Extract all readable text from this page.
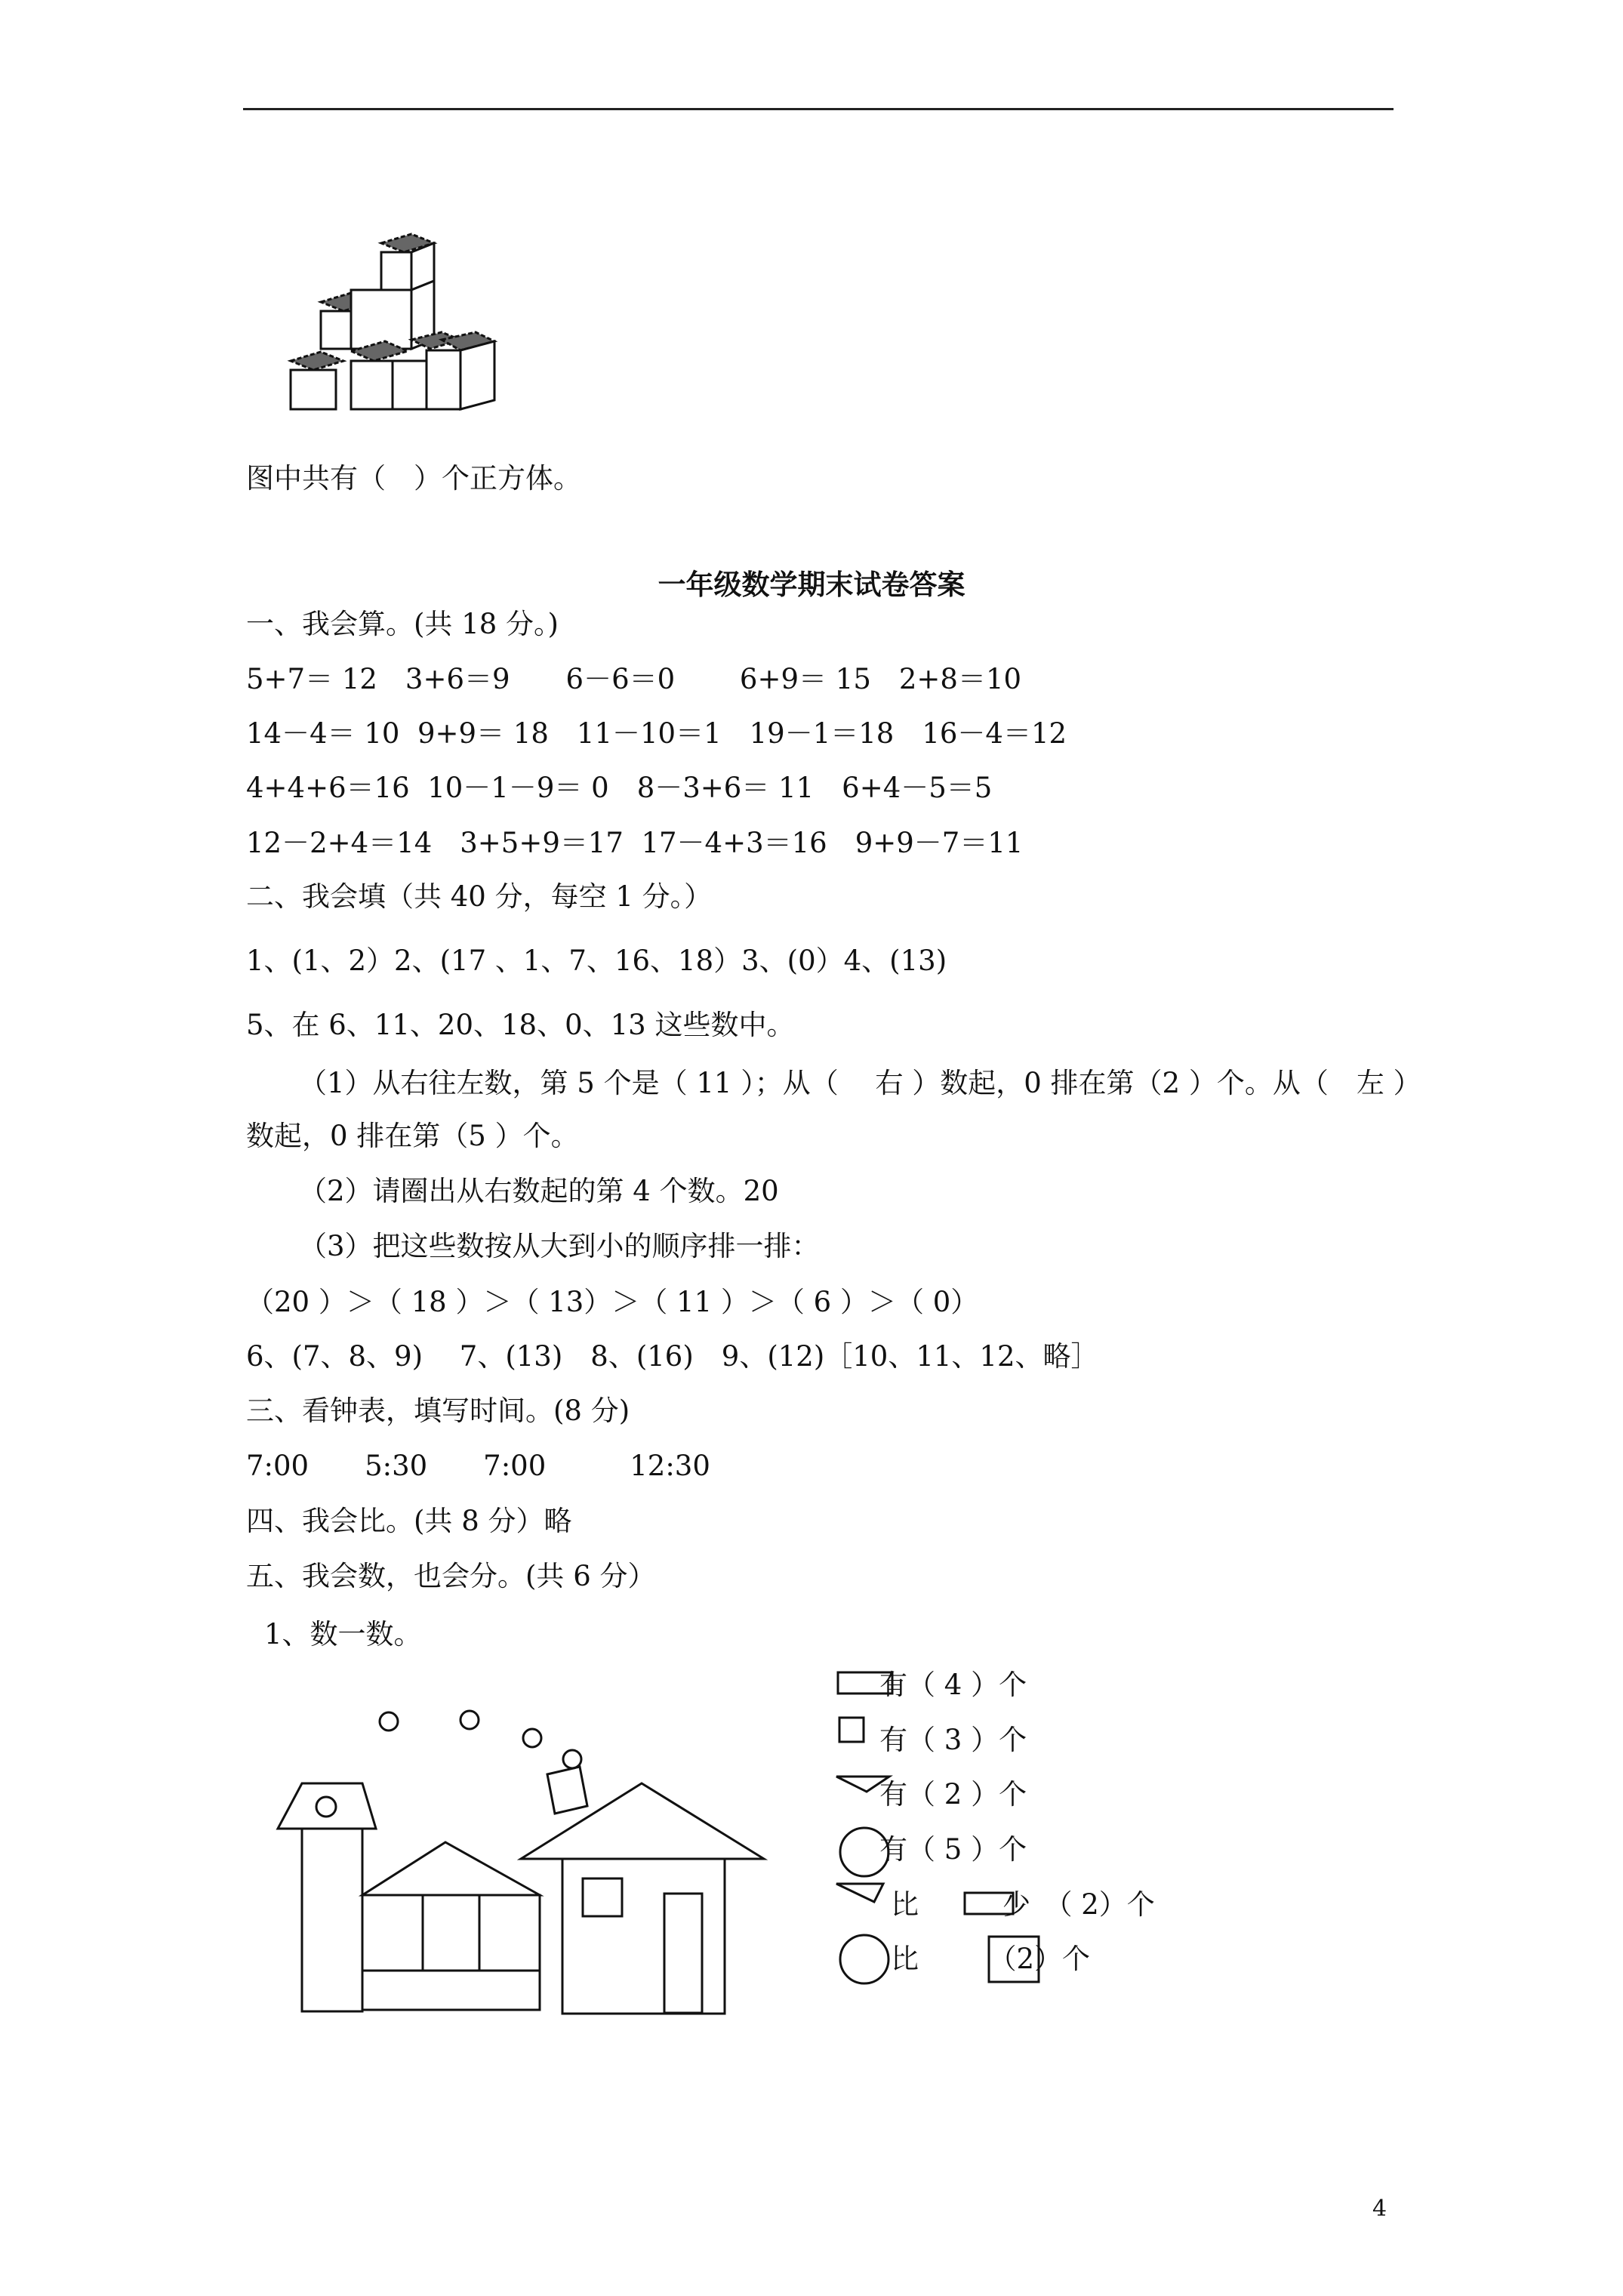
图中共有（　）个正方体。
一年级数学期末试卷答案
一、我会算。(共 18 分。)
5+7＝ 12　3+6＝9　　6－6＝0　　 6+9＝ 15　2+8＝10
14－4＝ 10  9+9＝ 18　11－10＝1　19－1＝18　16－4＝12
4+4+6＝16  10－1－9＝ 0　8－3+6＝ 11　6+4－5＝5
12－2+4＝14　3+5+9＝17  17－4+3＝16　9+9－7＝11
二、我会填（共 40 分，每空 1 分。）
1、(1、2）2、(17 、1、7、16、18）3、(0）4、(13)
5、在 6、11、20、18、0、13 这些数中。
（1）从右往左数，第 5 个是（ 11 ）；从（　 右 ）数起，0 排在第（2 ）个。从（　左 ）
数起，0 排在第（5 ）个。
（2）请圈出从右数起的第 4 个数。20
（3）把这些数按从大到小的顺序排一排：
（20 ）＞（ 18 ）＞（ 13）＞（ 11 ）＞（ 6 ）＞（ 0）
6、(7、8、9)　 7、(13)　8、(16)　9、(12)［10、11、12、略］
三、看钟表，填写时间。(8 分)
7:00　　5:30　　7:00　　　12:30
四、我会比。(共 8 分）略
五、我会数，也会分。(共 6 分）
1、数一数。
有（ 4 ）个
有（ 3 ）个
有（ 2 ）个
有（ 5 ）个
比　　　少　（ 2）个
比　　　（2）个
4
